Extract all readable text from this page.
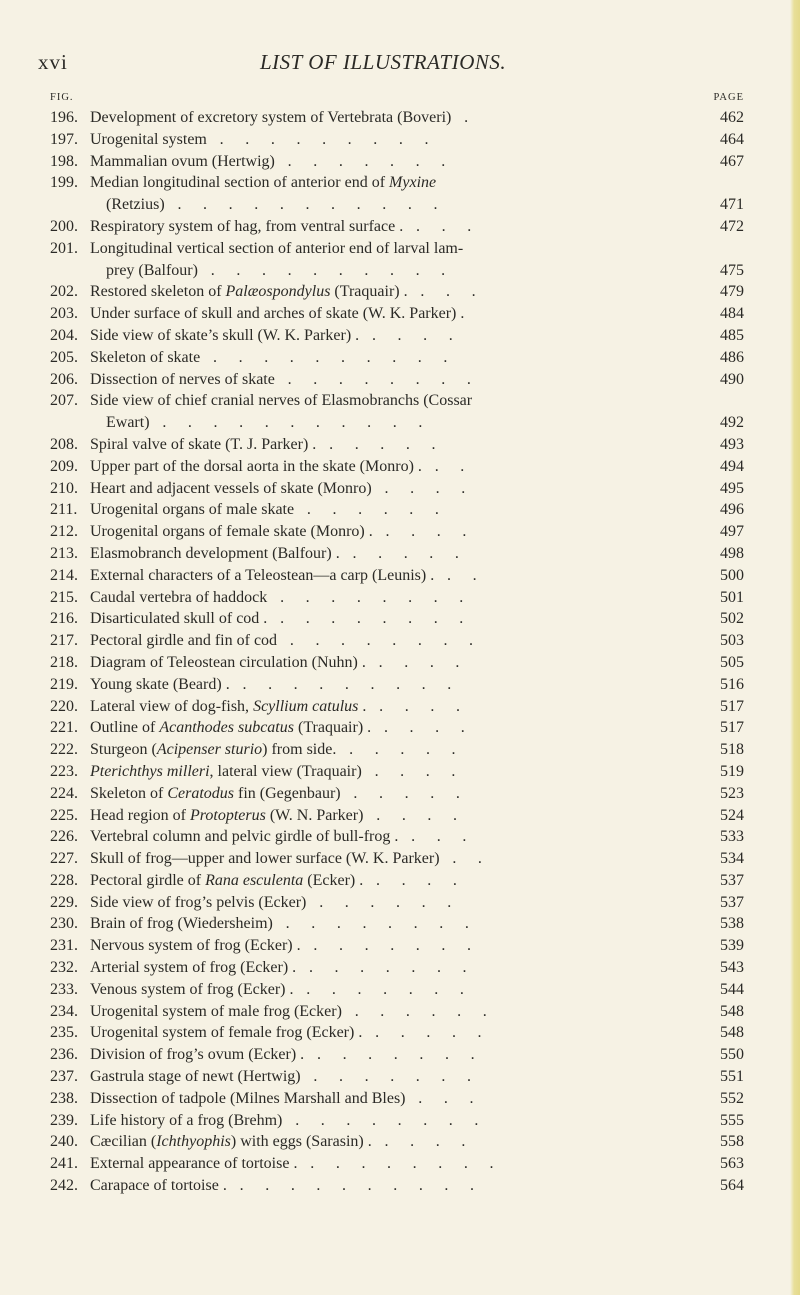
xvi	LIST OF ILLUSTRATIONS.
FIG.	PAGE
196. Development of excretory system of Vertebrata (Boveri) .	462
197. Urogenital system . . . . . . . . .	464
198. Mammalian ovum (Hertwig) . . . . . . .	467
199. Median longitudinal section of anterior end of Myxine
(Retzius) . . . . . . . . . . .	471
200. Respiratory system of hag, from ventral surface . . . .	472
201. Longitudinal vertical section of anterior end of larval lam-
prey (Balfour) . . . . . . . . . .	475
202. Restored skeleton of Palæospondylus (Traquair) . . . .	479
203. Under surface of skull and arches of skate (W. K. Parker) .	484
204. Side view of skate’s skull (W. K. Parker) . . . . .	485
205. Skeleton of skate . . . . . . . . . .	486
206. Dissection of nerves of skate . . . . . . . .	490
207. Side view of chief cranial nerves of Elasmobranchs (Cossar
Ewart) . . . . . . . . . . .	492
208. Spiral valve of skate (T. J. Parker) . . . . . .	493
209. Upper part of the dorsal aorta in the skate (Monro) . . .	494
210. Heart and adjacent vessels of skate (Monro) . . . .	495
211. Urogenital organs of male skate . . . . . .	496
212. Urogenital organs of female skate (Monro) . . . . .	497
213. Elasmobranch development (Balfour) . . . . . .	498
214. External characters of a Teleostean—a carp (Leunis) . . .	500
215. Caudal vertebra of haddock . . . . . . . .	501
216. Disarticulated skull of cod . . . . . . . . .	502
217. Pectoral girdle and fin of cod . . . . . . . .	503
218. Diagram of Teleostean circulation (Nuhn) . . . . .	505
219. Young skate (Beard) . . . . . . . . . .	516
220. Lateral view of dog-fish, Scyllium catulus . . . . .	517
221. Outline of Acanthodes subcatus (Traquair) . . . . .	517
222. Sturgeon (Acipenser sturio) from side. . . . . .	518
223. Pterichthys milleri, lateral view (Traquair) . . . .	519
224. Skeleton of Ceratodus fin (Gegenbaur) . . . . .	523
225. Head region of Protopterus (W. N. Parker) . . . .	524
226. Vertebral column and pelvic girdle of bull-frog . . . .	533
227. Skull of frog—upper and lower surface (W. K. Parker) . .	534
228. Pectoral girdle of Rana esculenta (Ecker) . . . . .	537
229. Side view of frog’s pelvis (Ecker) . . . . . .	537
230. Brain of frog (Wiedersheim) . . . . . . . .	538
231. Nervous system of frog (Ecker) . . . . . . . .	539
232. Arterial system of frog (Ecker) . . . . . . . .	543
233. Venous system of frog (Ecker) . . . . . . . .	544
234. Urogenital system of male frog (Ecker) . . . . . .	548
235. Urogenital system of female frog (Ecker) . . . . . .	548
236. Division of frog’s ovum (Ecker) . . . . . . . .	550
237. Gastrula stage of newt (Hertwig) . . . . . . .	551
238. Dissection of tadpole (Milnes Marshall and Bles) . . .	552
239. Life history of a frog (Brehm) . . . . . . . .	555
240. Cæcilian (Ichthyophis) with eggs (Sarasin) . . . . .	558
241. External appearance of tortoise . . . . . . . . .	563
242. Carapace of tortoise . . . . . . . . . . .	564
